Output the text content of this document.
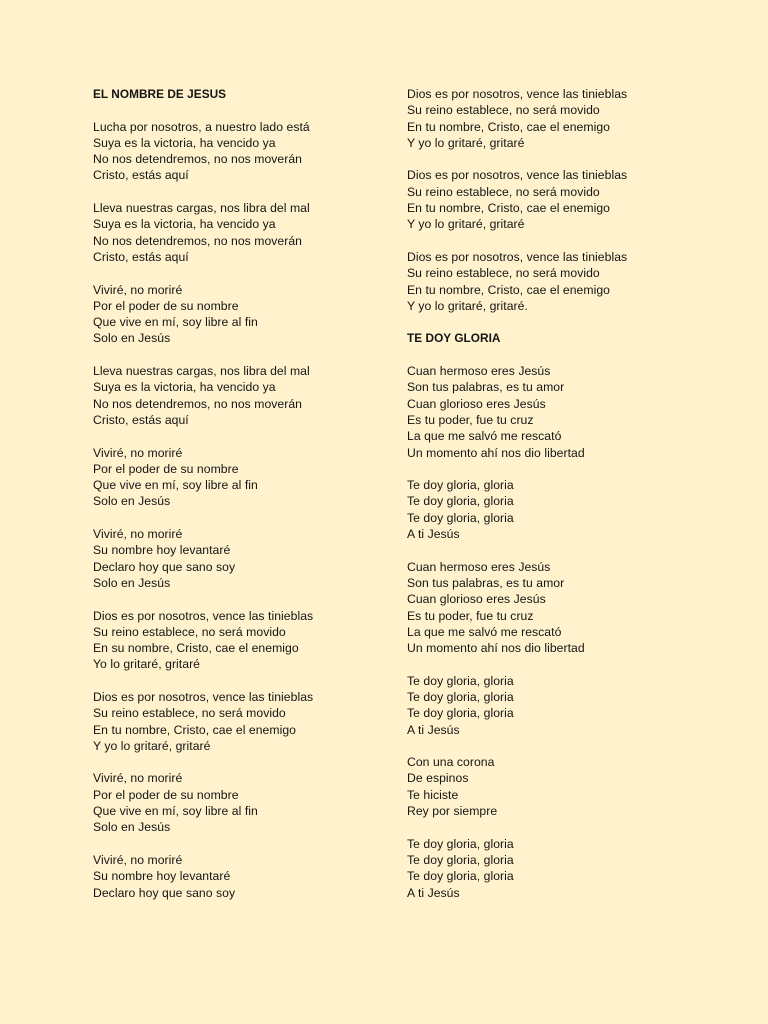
EL NOMBRE DE JESUS
Lucha por nosotros, a nuestro lado está
Suya es la victoria, ha vencido ya
No nos detendremos, no nos moverán
Cristo, estás aquí
Lleva nuestras cargas, nos libra del mal
Suya es la victoria, ha vencido ya
No nos detendremos, no nos moverán
Cristo, estás aquí
Viviré, no moriré
Por el poder de su nombre
Que vive en mí, soy libre al fin
Solo en Jesús
Lleva nuestras cargas, nos libra del mal
Suya es la victoria, ha vencido ya
No nos detendremos, no nos moverán
Cristo, estás aquí
Viviré, no moriré
Por el poder de su nombre
Que vive en mí, soy libre al fin
Solo en Jesús
Viviré, no moriré
Su nombre hoy levantaré
Declaro hoy que sano soy
Solo en Jesús
Dios es por nosotros, vence las tinieblas
Su reino establece, no será movido
En su nombre, Cristo, cae el enemigo
Yo lo gritaré, gritaré
Dios es por nosotros, vence las tinieblas
Su reino establece, no será movido
En tu nombre, Cristo, cae el enemigo
Y yo lo gritaré, gritaré
Viviré, no moriré
Por el poder de su nombre
Que vive en mí, soy libre al fin
Solo en Jesús
Viviré, no moriré
Su nombre hoy levantaré
Declaro hoy que sano soy
Dios es por nosotros, vence las tinieblas
Su reino establece, no será movido
En tu nombre, Cristo, cae el enemigo
Y yo lo gritaré, gritaré
Dios es por nosotros, vence las tinieblas
Su reino establece, no será movido
En tu nombre, Cristo, cae el enemigo
Y yo lo gritaré, gritaré
Dios es por nosotros, vence las tinieblas
Su reino establece, no será movido
En tu nombre, Cristo, cae el enemigo
Y yo lo gritaré, gritaré.
TE DOY GLORIA
Cuan hermoso eres Jesús
Son tus palabras, es tu amor
Cuan glorioso eres Jesús
Es tu poder, fue tu cruz
La que me salvó me rescató
Un momento ahí nos dio libertad
Te doy gloria, gloria
Te doy gloria, gloria
Te doy gloria, gloria
A ti Jesús
Cuan hermoso eres Jesús
Son tus palabras, es tu amor
Cuan glorioso eres Jesús
Es tu poder, fue tu cruz
La que me salvó me rescató
Un momento ahí nos dio libertad
Te doy gloria, gloria
Te doy gloria, gloria
Te doy gloria, gloria
A ti Jesús
Con una corona
De espinos
Te hiciste
Rey por siempre
Te doy gloria, gloria
Te doy gloria, gloria
Te doy gloria, gloria
A ti Jesús
